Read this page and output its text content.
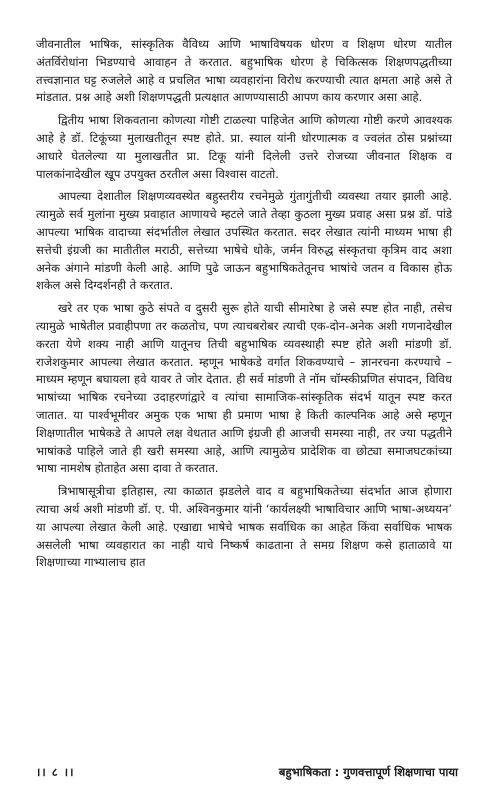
जीवनातील भाषिक, सांस्कृतिक वैविध्य आणि भाषाविषयक धोरण व शिक्षण धोरण यातील अंतर्विरोधांना भिडण्याचे आवाहन ते करतात. बहुभाषिक धोरण हे चिकित्सक शिक्षणपद्धतीच्या तत्त्वज्ञानात घट्ट रुजलेले आहे व प्रचलित भाषा व्यवहारांना विरोध करण्याची त्यात क्षमता आहे असे ते मांडतात. प्रश्न आहे अशी शिक्षणपद्धती प्रत्यक्षात आणण्यासाठी आपण काय करणार असा आहे.

द्वितीय भाषा शिकवताना कोणत्या गोष्टी टाळल्या पाहिजेत आणि कोणत्या गोष्टी करणे आवश्यक आहे हे डॉ. टिकूंच्या मुलाखतीतून स्पष्ट होते. प्रा. स्याल यांनी धोरणात्मक व ज्वलंत ठोस प्रश्नांच्या आधारे घेतलेल्या या मुलाखतीत प्रा. टिकू यांनी दिलेली उत्तरे रोजच्या जीवनात शिक्षक व पालकांनादेखील खूप उपयुक्त ठरतील असा विश्वास वाटतो.

आपल्या देशातील शिक्षणव्यवस्थेत बहुस्तरीय रचनेमुळे गुंतागुंतीची व्यवस्था तयार झाली आहे. त्यामुळे सर्व मुलांना मुख्य प्रवाहात आणायचे म्हटले जाते तेव्हा कुठला मुख्य प्रवाह असा प्रश्न डॉ. पांडे आपल्या भाषिक वादाच्या संदर्भातील लेखात उपस्थित करतात. सदर लेखात त्यांनी माध्यम भाषा ही सत्तेची इंग्रजी का मातीतील मराठी, सत्तेच्या भाषेचे धोके, जर्मन विरुद्ध संस्कृतचा कृत्रिम वाद अशा अनेक अंगाने मांडणी केली आहे. आणि पुढे जाऊन बहुभाषिकतेतूनच भाषांचे जतन व विकास होऊ शकेल असे दिग्दर्शनही ते करतात.

खरे तर एक भाषा कुठे संपते व दुसरी सुरू होते याची सीमारेषा हे जसे स्पष्ट होत नाही, तसेच त्यामुळे भाषेतील प्रवाहीपणा तर कळतोच, पण त्याचबरोबर त्याची एक-दोन-अनेक अशी गणनादेखील करता येणे शक्य नाही आणि यातूनच तिची बहुभाषिक व्यवस्थाही स्पष्ट होते अशी मांडणी डॉ. राजेशकुमार आपल्या लेखात करतात. म्हणून भाषेकडे वर्गात शिकवण्याचे – ज्ञानरचना करण्याचे – माध्यम म्हणून बघायला हवे यावर ते जोर देतात. ही सर्व मांडणी ते नॉम चॉम्स्कीप्रणित संपादन, विविध भाषांच्या भाषिक रचनेच्या उदाहरणांद्वारे व त्यांचा सामाजिक-सांस्कृतिक संदर्भ यातून स्पष्ट करत जातात. या पार्श्वभूमीवर अमुक एक भाषा ही प्रमाण भाषा हे किती काल्पनिक आहे असे म्हणून शिक्षणातील भाषेकडे ते आपले लक्ष वेधतात आणि इंग्रजी ही आजची समस्या नाही, तर ज्या पद्धतीने भाषांकडे पाहिले जाते ही खरी समस्या आहे, आणि त्यामुळेच प्रादेशिक वा छोट्या समाजघटकांच्या भाषा नामशेष होताहेत असा दावा ते करतात.

त्रिभाषासूत्रीचा इतिहास, त्या काळात झडलेले वाद व बहुभाषिकतेच्या संदर्भात आज होणारा त्याचा अर्थ अशी मांडणी डॉ. ए. पी. अश्विनकुमार यांनी ‘कार्यलक्ष्यी भाषाविचार आणि भाषा-अध्ययन’ या आपल्या लेखात केली आहे. एखाद्या भाषेचे भाषक सर्वाधिक का आहेत किंवा सर्वाधिक भाषक असलेली भाषा व्यवहारात का नाही याचे निष्कर्ष काढताना ते समग्र शिक्षण कसे हाताळावे या शिक्षणाच्या गाभ्यालाच हात

।। ८ ।।	बहुभाषिकता : गुणवत्तापूर्ण शिक्षणाचा पाया
